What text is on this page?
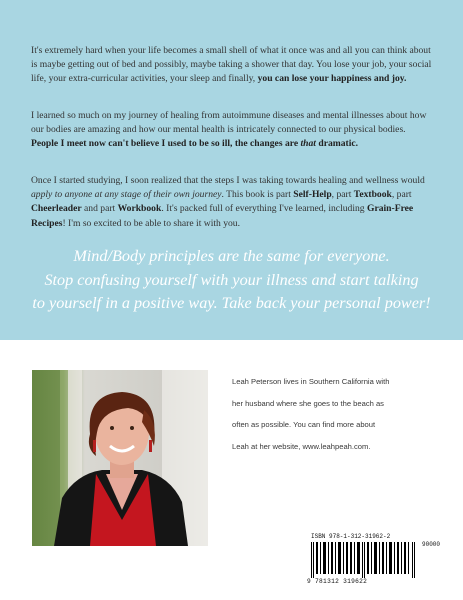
It's extremely hard when your life becomes a small shell of what it once was and all you can think about is maybe getting out of bed and possibly, maybe taking a shower that day. You lose your job, your social life, your extra-curricular activities, your sleep and finally, you can lose your happiness and joy.

I learned so much on my journey of healing from autoimmune diseases and mental illnesses about how our bodies are amazing and how our mental health is intricately connected to our physical bodies. People I meet now can't believe I used to be so ill, the changes are that dramatic.

Once I started studying, I soon realized that the steps I was taking towards healing and wellness would apply to anyone at any stage of their own journey. This book is part Self-Help, part Textbook, part Cheerleader and part Workbook. It's packed full of everything I've learned, including Grain-Free Recipes! I'm so excited to be able to share it with you.

Mind/Body principles are the same for everyone.
Stop confusing yourself with your illness and start talking
to yourself in a positive way. Take back your personal power!

Leah Peterson lives in Southern California with
her husband where she goes to the beach as
often as possible. You can find more about
Leah at her website, www.leahpeah.com.

ISBN 978-1-312-31962-2
90000
9 781312 319622
